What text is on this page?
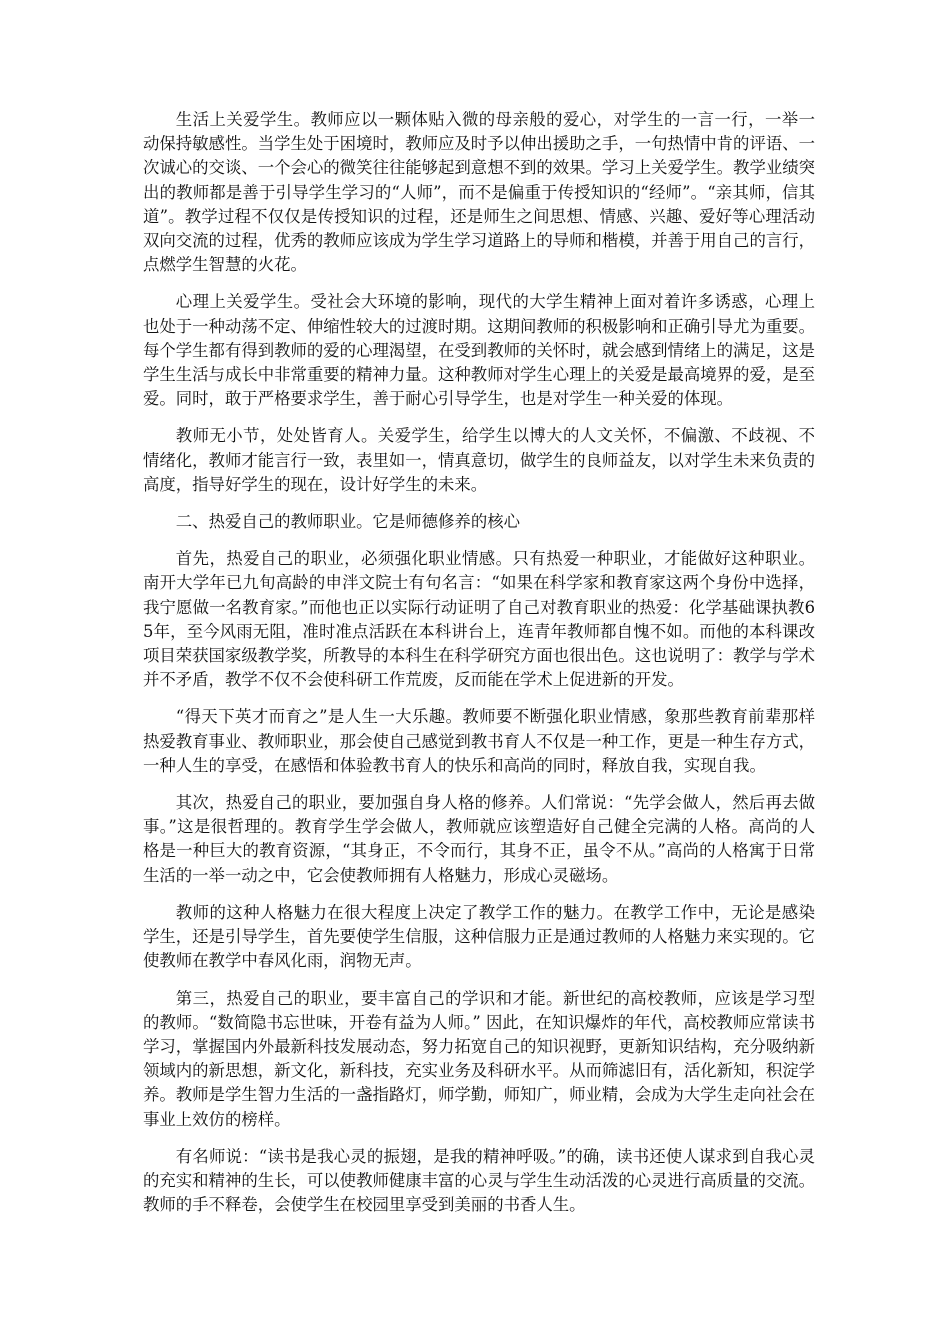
生活上关爱学生。教师应以一颗体贴入微的母亲般的爱心，对学生的一言一行，一举一动保持敏感性。当学生处于困境时，教师应及时予以伸出援助之手，一句热情中肯的评语、一次诚心的交谈、一个会心的微笑往往能够起到意想不到的效果。学习上关爱学生。教学业绩突出的教师都是善于引导学生学习的“人师”，而不是偏重于传授知识的“经师”。“亲其师，信其道”。教学过程不仅仅是传授知识的过程，还是师生之间思想、情感、兴趣、爱好等心理活动双向交流的过程，优秀的教师应该成为学生学习道路上的导师和楷模，并善于用自己的言行，点燃学生智慧的火花。

心理上关爱学生。受社会大环境的影响，现代的大学生精神上面对着许多诱惑，心理上也处于一种动荡不定、伸缩性较大的过渡时期。这期间教师的积极影响和正确引导尤为重要。每个学生都有得到教师的爱的心理渴望，在受到教师的关怀时，就会感到情绪上的满足，这是学生生活与成长中非常重要的精神力量。这种教师对学生心理上的关爱是最高境界的爱，是至爱。同时，敢于严格要求学生，善于耐心引导学生，也是对学生一种关爱的体现。

教师无小节，处处皆育人。关爱学生，给学生以博大的人文关怀，不偏激、不歧视、不情绪化，教师才能言行一致，表里如一，情真意切，做学生的良师益友，以对学生未来负责的高度，指导好学生的现在，设计好学生的未来。

二、热爱自己的教师职业。它是师德修养的核心

首先，热爱自己的职业，必须强化职业情感。只有热爱一种职业，才能做好这种职业。南开大学年已九旬高龄的申泮文院士有句名言：“如果在科学家和教育家这两个身份中选择，我宁愿做一名教育家。”而他也正以实际行动证明了自己对教育职业的热爱：化学基础课执教65年，至今风雨无阻，准时准点活跃在本科讲台上，连青年教师都自愧不如。而他的本科课改项目荣获国家级教学奖，所教导的本科生在科学研究方面也很出色。这也说明了：教学与学术并不矛盾，教学不仅不会使科研工作荒废，反而能在学术上促进新的开发。

“得天下英才而育之”是人生一大乐趣。教师要不断强化职业情感，象那些教育前辈那样热爱教育事业、教师职业，那会使自己感觉到教书育人不仅是一种工作，更是一种生存方式，一种人生的享受，在感悟和体验教书育人的快乐和高尚的同时，释放自我，实现自我。

其次，热爱自己的职业，要加强自身人格的修养。人们常说：“先学会做人，然后再去做事。”这是很哲理的。教育学生学会做人，教师就应该塑造好自己健全完满的人格。高尚的人格是一种巨大的教育资源，“其身正，不令而行，其身不正，虽令不从。”高尚的人格寓于日常生活的一举一动之中，它会使教师拥有人格魅力，形成心灵磁场。

教师的这种人格魅力在很大程度上决定了教学工作的魅力。在教学工作中，无论是感染学生，还是引导学生，首先要使学生信服，这种信服力正是通过教师的人格魅力来实现的。它使教师在教学中春风化雨，润物无声。

第三，热爱自己的职业，要丰富自己的学识和才能。新世纪的高校教师，应该是学习型的教师。“数简隐书忘世味，开卷有益为人师。” 因此，在知识爆炸的年代，高校教师应常读书学习，掌握国内外最新科技发展动态，努力拓宽自己的知识视野，更新知识结构，充分吸纳新领域内的新思想，新文化，新科技，充实业务及科研水平。从而筛滤旧有，活化新知，积淀学养。教师是学生智力生活的一盏指路灯，师学勤，师知广，师业精，会成为大学生走向社会在事业上效仿的榜样。

有名师说：“读书是我心灵的振翅，是我的精神呼吸。”的确，读书还使人谋求到自我心灵的充实和精神的生长，可以使教师健康丰富的心灵与学生生动活泼的心灵进行高质量的交流。教师的手不释卷，会使学生在校园里享受到美丽的书香人生。
